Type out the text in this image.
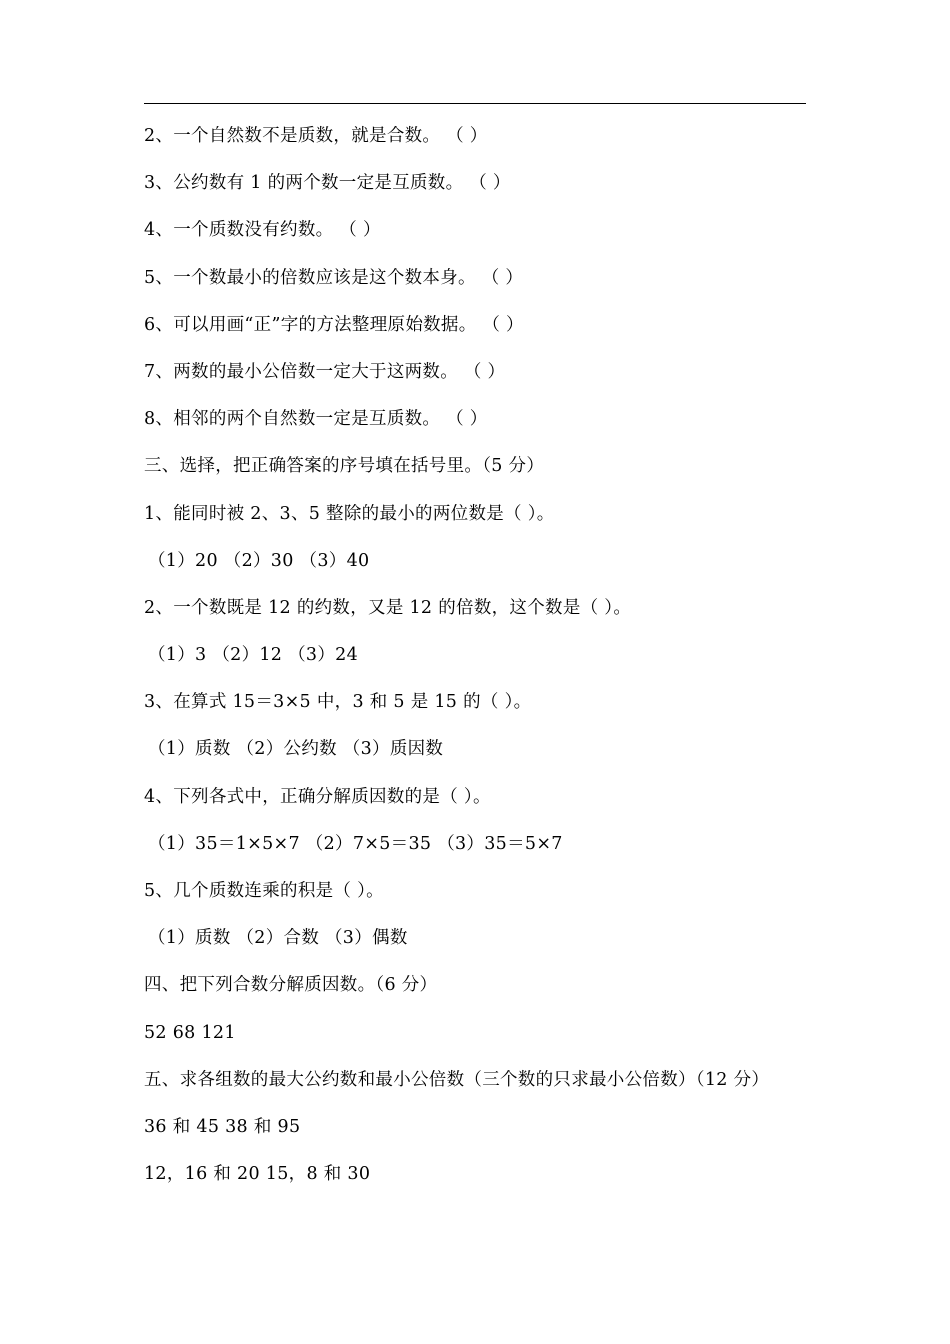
2、一个自然数不是质数，就是合数。 （ ）
3、公约数有 1 的两个数一定是互质数。 （ ）
4、一个质数没有约数。 （ ）
5、一个数最小的倍数应该是这个数本身。 （ ）
6、可以用画“正”字的方法整理原始数据。 （ ）
7、两数的最小公倍数一定大于这两数。 （ ）
8、相邻的两个自然数一定是互质数。 （ ）
三、选择，把正确答案的序号填在括号里。（5 分）
1、能同时被 2、3、5 整除的最小的两位数是（ ）。
（1）20 （2）30 （3）40
2、一个数既是 12 的约数，又是 12 的倍数，这个数是（ ）。
（1）3 （2）12 （3）24
3、在算式 15＝3×5 中，3 和 5 是 15 的（ ）。
（1）质数 （2）公约数 （3）质因数
4、下列各式中，正确分解质因数的是（ ）。
（1）35＝1×5×7 （2）7×5＝35 （3）35＝5×7
5、几个质数连乘的积是（ ）。
（1）质数 （2）合数 （3）偶数
四、把下列合数分解质因数。（6 分）
52 68 121
五、求各组数的最大公约数和最小公倍数（三个数的只求最小公倍数）（12 分）
36 和 45 38 和 95
12，16 和 20 15，8 和 30
